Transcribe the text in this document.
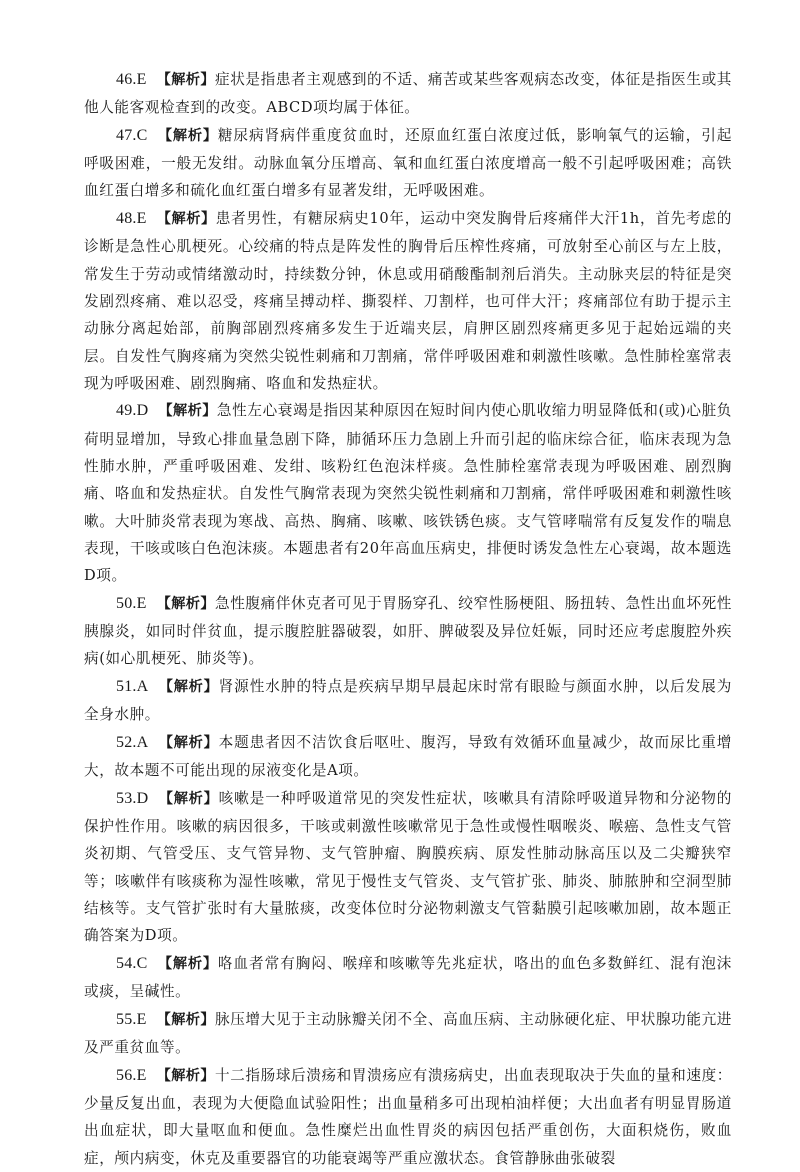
46.E 【解析】症状是指患者主观感到的不适、痛苦或某些客观病态改变，体征是指医生或其他人能客观检查到的改变。ABCD项均属于体征。

47.C 【解析】糖尿病肾病伴重度贫血时，还原血红蛋白浓度过低，影响氧气的运输，引起呼吸困难，一般无发绀。动脉血氧分压增高、氧和血红蛋白浓度增高一般不引起呼吸困难；高铁血红蛋白增多和硫化血红蛋白增多有显著发绀，无呼吸困难。

48.E 【解析】患者男性，有糖尿病史10年，运动中突发胸骨后疼痛伴大汗1h，首先考虑的诊断是急性心肌梗死。心绞痛的特点是阵发性的胸骨后压榨性疼痛，可放射至心前区与左上肢，常发生于劳动或情绪激动时，持续数分钟，休息或用硝酸酯制剂后消失。主动脉夹层的特征是突发剧烈疼痛、难以忍受，疼痛呈搏动样、撕裂样、刀割样，也可伴大汗；疼痛部位有助于提示主动脉分离起始部，前胸部剧烈疼痛多发生于近端夹层，肩胛区剧烈疼痛更多见于起始远端的夹层。自发性气胸疼痛为突然尖锐性刺痛和刀割痛，常伴呼吸困难和刺激性咳嗽。急性肺栓塞常表现为呼吸困难、剧烈胸痛、咯血和发热症状。

49.D 【解析】急性左心衰竭是指因某种原因在短时间内使心肌收缩力明显降低和(或)心脏负荷明显增加，导致心排血量急剧下降，肺循环压力急剧上升而引起的临床综合征，临床表现为急性肺水肿，严重呼吸困难、发绀、咳粉红色泡沫样痰。急性肺栓塞常表现为呼吸困难、剧烈胸痛、咯血和发热症状。自发性气胸常表现为突然尖锐性刺痛和刀割痛，常伴呼吸困难和刺激性咳嗽。大叶肺炎常表现为寒战、高热、胸痛、咳嗽、咳铁锈色痰。支气管哮喘常有反复发作的喘息表现，干咳或咳白色泡沫痰。本题患者有20年高血压病史，排便时诱发急性左心衰竭，故本题选D项。

50.E 【解析】急性腹痛伴休克者可见于胃肠穿孔、绞窄性肠梗阻、肠扭转、急性出血坏死性胰腺炎，如同时伴贫血，提示腹腔脏器破裂，如肝、脾破裂及异位妊娠，同时还应考虑腹腔外疾病(如心肌梗死、肺炎等)。

51.A 【解析】肾源性水肿的特点是疾病早期早晨起床时常有眼睑与颜面水肿，以后发展为全身水肿。

52.A 【解析】本题患者因不洁饮食后呕吐、腹泻，导致有效循环血量减少，故而尿比重增大，故本题不可能出现的尿液变化是A项。

53.D 【解析】咳嗽是一种呼吸道常见的突发性症状，咳嗽具有清除呼吸道异物和分泌物的保护性作用。咳嗽的病因很多，干咳或刺激性咳嗽常见于急性或慢性咽喉炎、喉癌、急性支气管炎初期、气管受压、支气管异物、支气管肿瘤、胸膜疾病、原发性肺动脉高压以及二尖瓣狭窄等；咳嗽伴有咳痰称为湿性咳嗽，常见于慢性支气管炎、支气管扩张、肺炎、肺脓肿和空洞型肺结核等。支气管扩张时有大量脓痰，改变体位时分泌物刺激支气管黏膜引起咳嗽加剧，故本题正确答案为D项。

54.C 【解析】咯血者常有胸闷、喉痒和咳嗽等先兆症状，咯出的血色多数鲜红、混有泡沫或痰，呈碱性。

55.E 【解析】脉压增大见于主动脉瓣关闭不全、高血压病、主动脉硬化症、甲状腺功能亢进及严重贫血等。

56.E 【解析】十二指肠球后溃疡和胃溃疡应有溃疡病史，出血表现取决于失血的量和速度：少量反复出血，表现为大便隐血试验阳性；出血量稍多可出现柏油样便；大出血者有明显胃肠道出血症状，即大量呕血和便血。急性糜烂出血性胃炎的病因包括严重创伤，大面积烧伤，败血症，颅内病变，休克及重要器官的功能衰竭等严重应激状态。食管静脉曲张破裂
